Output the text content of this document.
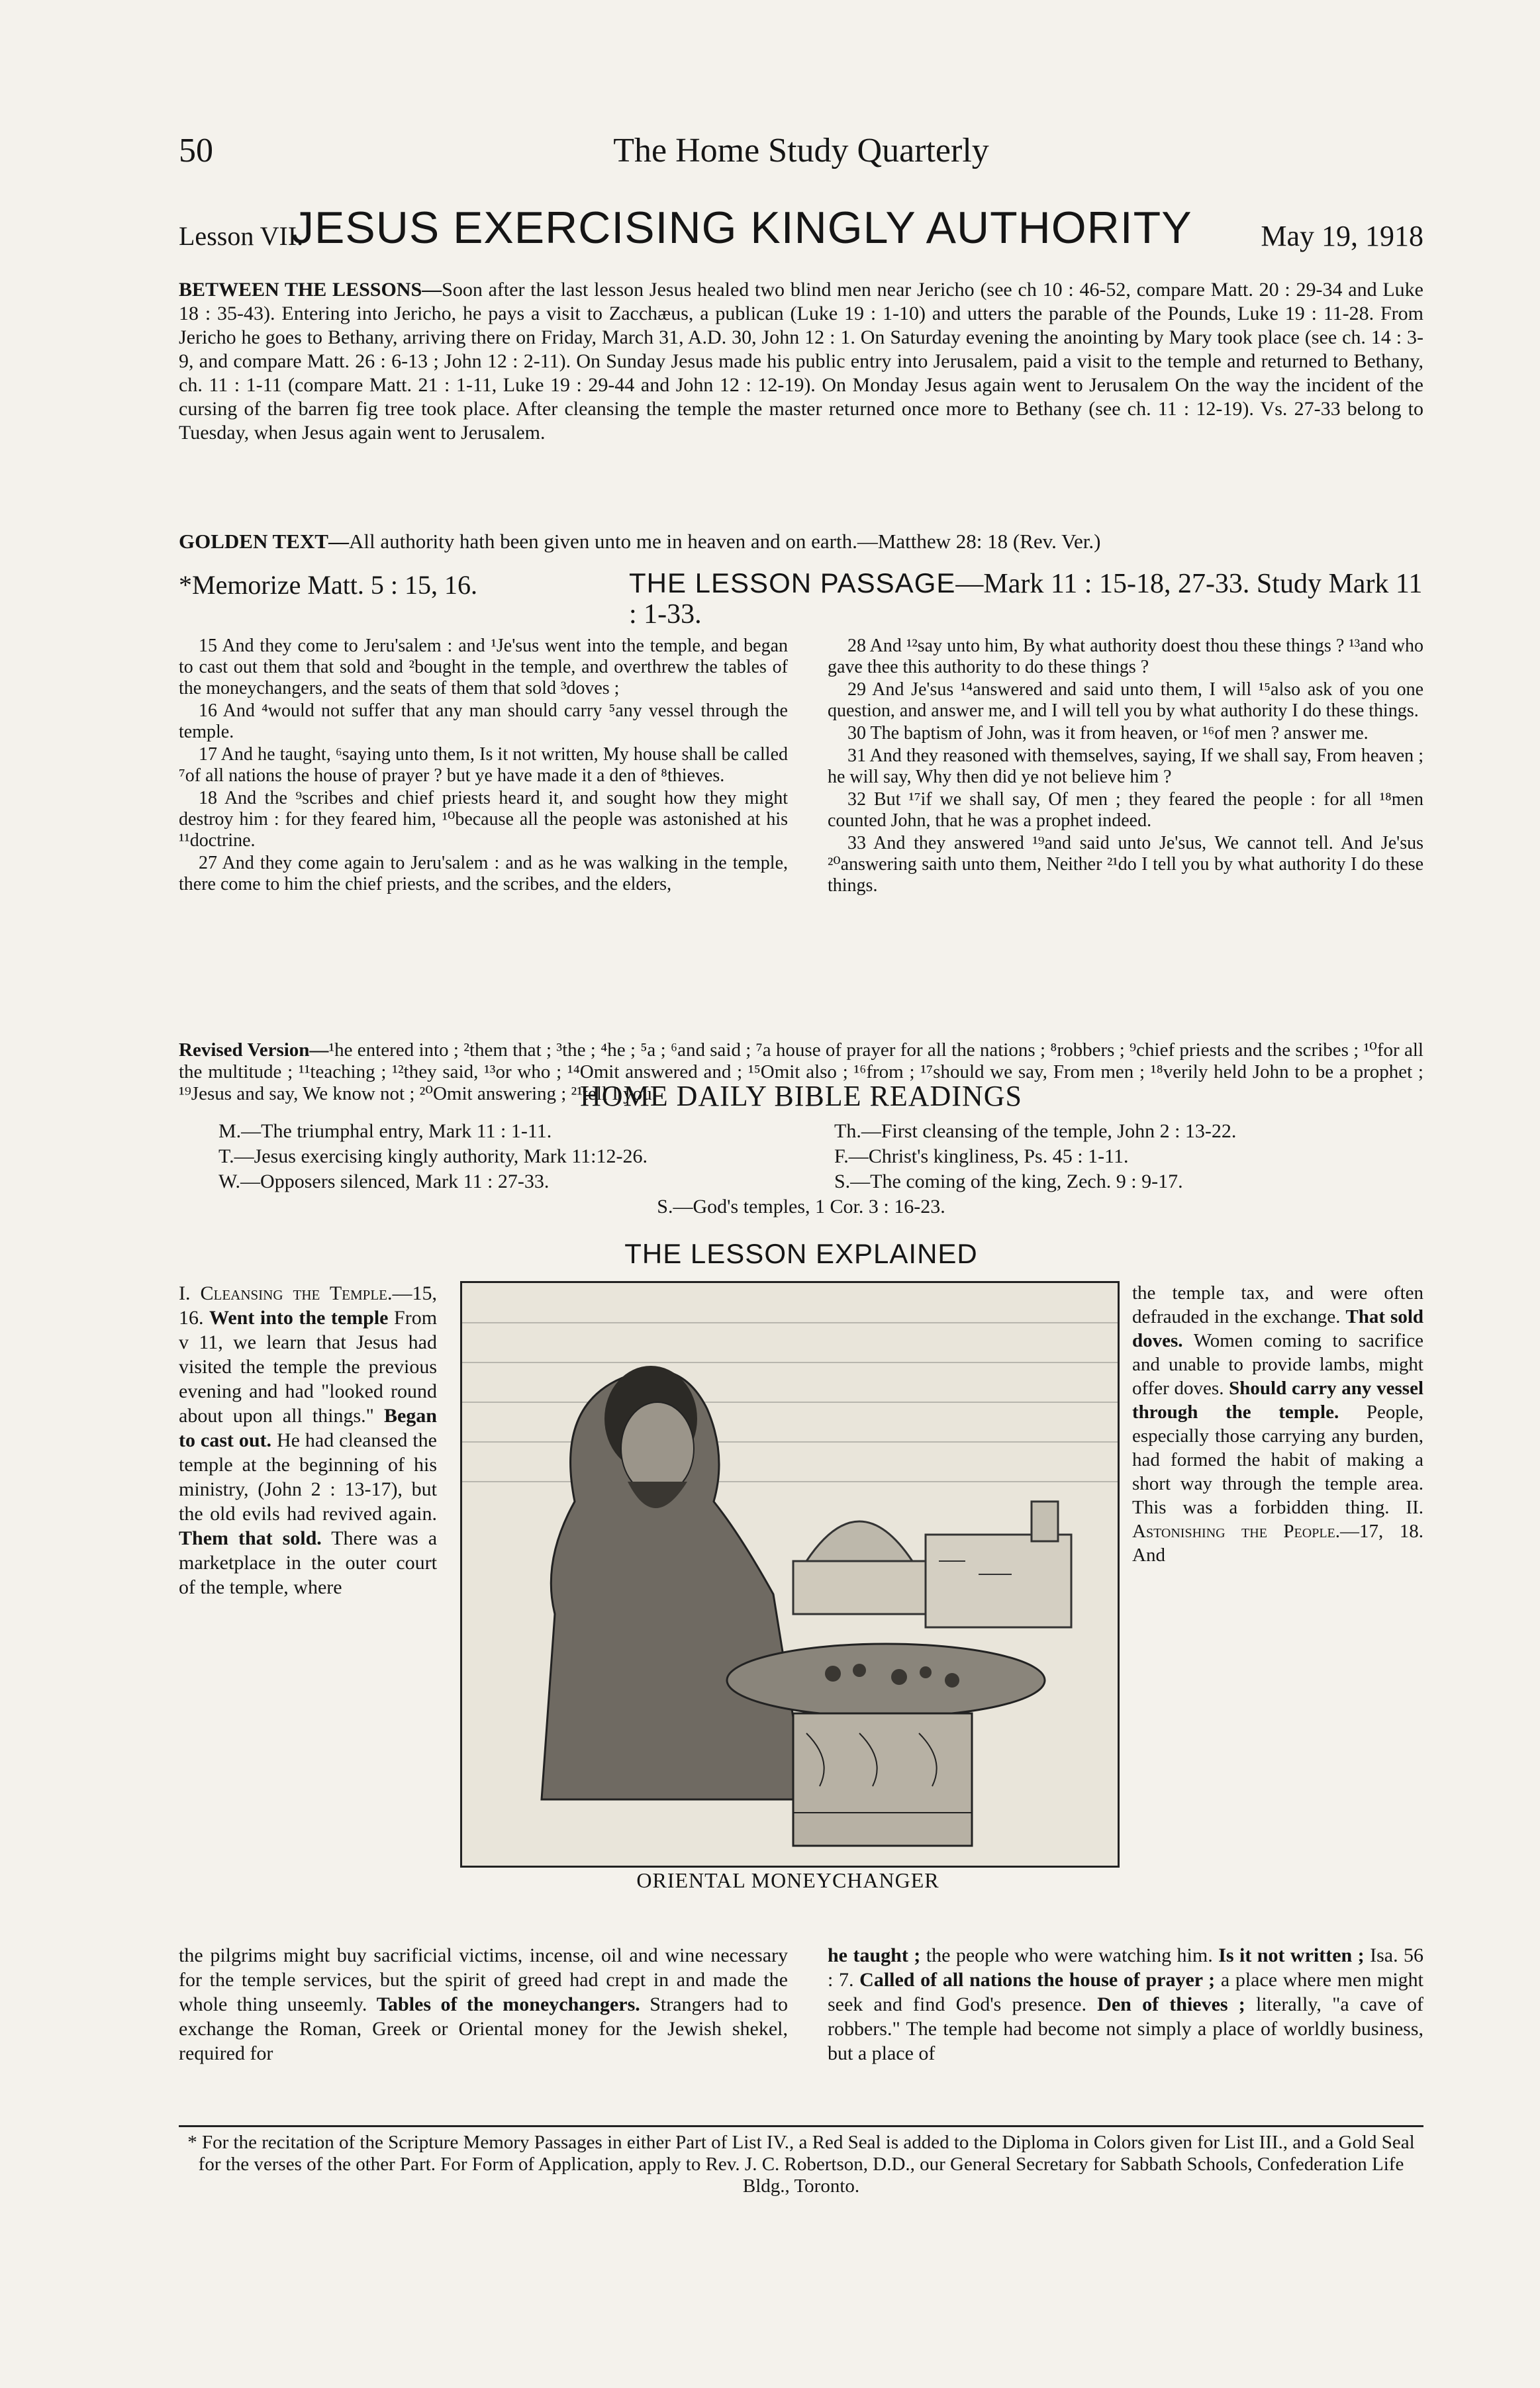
50	The Home Study Quarterly
Lesson VII.
JESUS EXERCISING KINGLY AUTHORITY May 19, 1918
BETWEEN THE LESSONS—Soon after the last lesson Jesus healed two blind men near Jericho (see ch 10 : 46-52, compare Matt. 20 : 29-34 and Luke 18 : 35-43). Entering into Jericho, he pays a visit to Zacchæus, a publican (Luke 19 : 1-10) and utters the parable of the Pounds, Luke 19 : 11-28. From Jericho he goes to Bethany, arriving there on Friday, March 31, A.D. 30, John 12 : 1. On Saturday evening the anointing by Mary took place (see ch. 14 : 3-9, and compare Matt. 26 : 6-13 ; John 12 : 2-11). On Sunday Jesus made his public entry into Jerusalem, paid a visit to the temple and returned to Bethany, ch. 11 : 1-11 (compare Matt. 21 : 1-11, Luke 19 : 29-44 and John 12 : 12-19). On Monday Jesus again went to Jerusalem On the way the incident of the cursing of the barren fig tree took place. After cleansing the temple the master returned once more to Bethany (see ch. 11 : 12-19). Vs. 27-33 belong to Tuesday, when Jesus again went to Jerusalem.
GOLDEN TEXT—All authority hath been given unto me in heaven and on earth.—Matthew 28: 18 (Rev. Ver.)
*Memorize Matt. 5 : 15, 16.	THE LESSON PASSAGE—Mark 11 : 15-18, 27-33. Study Mark 11 : 1-33.

15 And they come to Jeru'salem : and ¹Je'sus went into the temple, and began to cast out them that sold and ²bought in the temple, and overthrew the tables of the moneychangers, and the seats of them that sold ³doves ;

16 And ⁴would not suffer that any man should carry ⁵any vessel through the temple.

17 And he taught, ⁶saying unto them, Is it not written, My house shall be called ⁷of all nations the house of prayer ? but ye have made it a den of ⁸thieves.

18 And the ⁹scribes and chief priests heard it, and sought how they might destroy him : for they feared him, ¹⁰because all the people was astonished at his ¹¹doctrine.

27 And they come again to Jeru'salem : and as he was walking in the temple, there come to him the chief priests, and the scribes, and the elders,

28 And ¹²say unto him, By what authority doest thou these things ? ¹³and who gave thee this authority to do these things ?

29 And Je'sus ¹⁴answered and said unto them, I will ¹⁵also ask of you one question, and answer me, and I will tell you by what authority I do these things.

30 The baptism of John, was it from heaven, or ¹⁶of men ? answer me.

31 And they reasoned with themselves, saying, If we shall say, From heaven ; he will say, Why then did ye not believe him ?

32 But ¹⁷if we shall say, Of men ; they feared the people : for all ¹⁸men counted John, that he was a prophet indeed.

33 And they answered ¹⁹and said unto Je'sus, We cannot tell. And Je'sus ²⁰answering saith unto them, Neither ²¹do I tell you by what authority I do these things.

Revised Version—¹he entered into ; ²them that ; ³the ; ⁴he ; ⁵a ; ⁶and said ; ⁷a house of prayer for all the nations ; ⁸robbers ; ⁹chief priests and the scribes ; ¹⁰for all the multitude ; ¹¹teaching ; ¹²they said, ¹³or who ; ¹⁴Omit answered and ; ¹⁵Omit also ; ¹⁶from ; ¹⁷should we say, From men ; ¹⁸verily held John to be a prophet ; ¹⁹Jesus and say, We know not ; ²⁰Omit answering ; ²¹tell I you.
HOME DAILY BIBLE READINGS
M.—The triumphal entry, Mark 11 : 1-11.	Th.—First cleansing of the temple, John 2 : 13-22.
T.—Jesus exercising kingly authority, Mark 11:12-26.	F.—Christ's kingliness, Ps. 45 : 1-11.
W.—Opposers silenced, Mark 11 : 27-33.	S.—The coming of the king, Zech. 9 : 9-17.
S.—God's temples, 1 Cor. 3 : 16-23.
THE LESSON EXPLAINED
I. Cleansing the Temple.—15, 16. Went into the temple From v 11, we learn that Jesus had visited the temple the previous evening and had "looked round about upon all things." Began to cast out. He had cleansed the temple at the beginning of his ministry, (John 2 : 13-17), but the old evils had revived again. Them that sold. There was a marketplace in the outer court of the temple, where
ORIENTAL MONEYCHANGER
the temple tax, and were often defrauded in the exchange. That sold doves. Women coming to sacrifice and unable to provide lambs, might offer doves. Should carry any vessel through the temple. People, especially those carrying any burden, had formed the habit of making a short way through the temple area. This was a forbidden thing. II. Astonishing the People.—17, 18. And
the pilgrims might buy sacrificial victims, incense, oil and wine necessary for the temple services, but the spirit of greed had crept in and made the whole thing unseemly. Tables of the moneychangers. Strangers had to exchange the Roman, Greek or Oriental money for the Jewish shekel, required for
he taught ; the people who were watching him. Is it not written ; Isa. 56 : 7. Called of all nations the house of prayer ; a place where men might seek and find God's presence. Den of thieves ; literally, "a cave of robbers." The temple had become not simply a place of worldly business, but a place of
* For the recitation of the Scripture Memory Passages in either Part of List IV., a Red Seal is added to the Diploma in Colors given for List III., and a Gold Seal for the verses of the other Part. For Form of Application, apply to Rev. J. C. Robertson, D.D., our General Secretary for Sabbath Schools, Confederation Life Bldg., Toronto.
